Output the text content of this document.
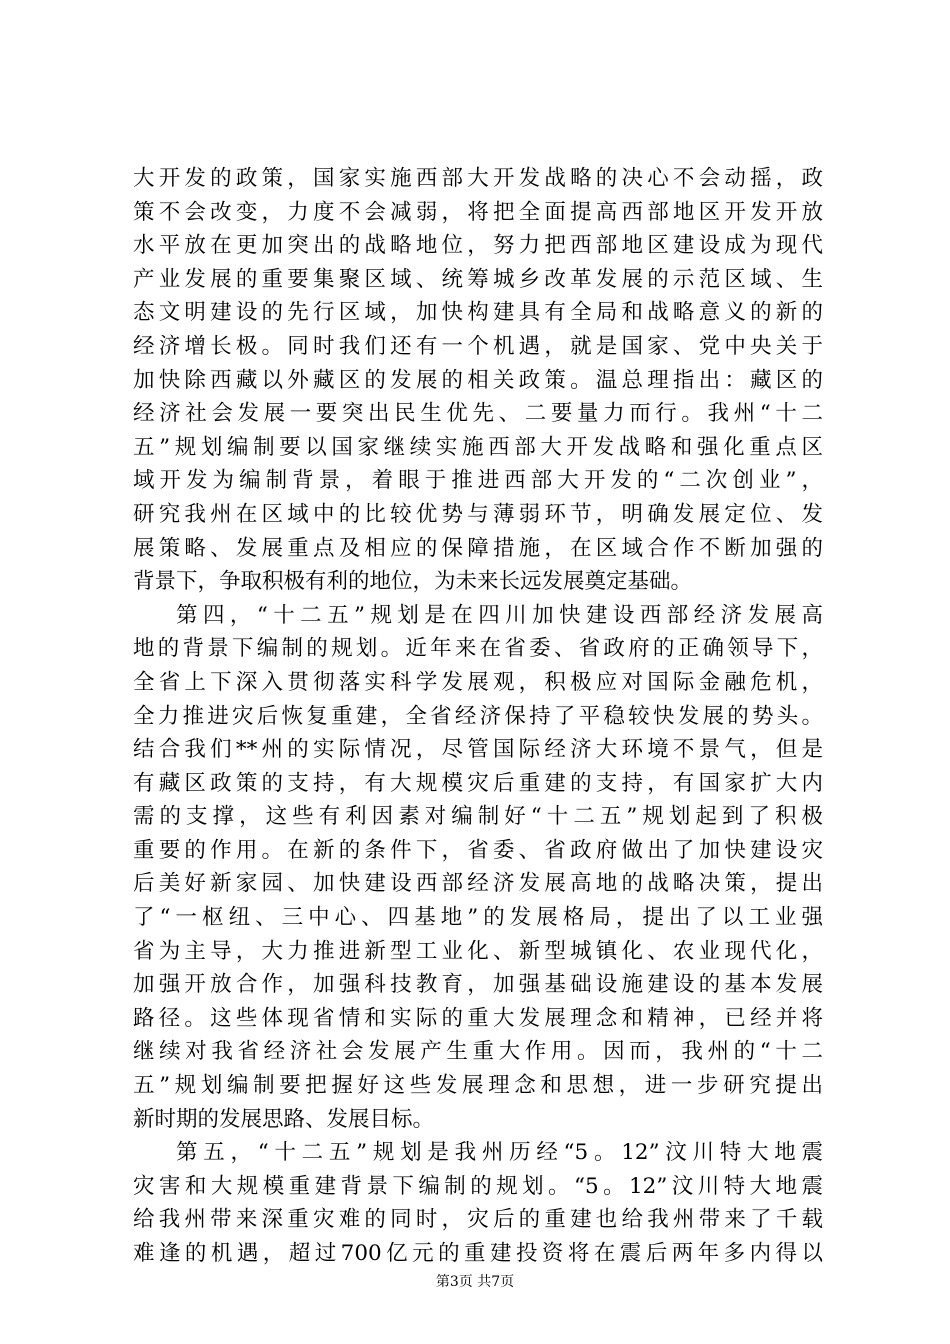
大开发的政策，国家实施西部大开发战略的决心不会动摇，政
策不会改变，力度不会减弱，将把全面提高西部地区开发开放
水平放在更加突出的战略地位，努力把西部地区建设成为现代
产业发展的重要集聚区域、统筹城乡改革发展的示范区域、生
态文明建设的先行区域，加快构建具有全局和战略意义的新的
经济增长极。同时我们还有一个机遇，就是国家、党中央关于
加快除西藏以外藏区的发展的相关政策。温总理指出：藏区的
经济社会发展一要突出民生优先、二要量力而行。我州“十二
五”规划编制要以国家继续实施西部大开发战略和强化重点区
域开发为编制背景，着眼于推进西部大开发的“二次创业”，
研究我州在区域中的比较优势与薄弱环节，明确发展定位、发
展策略、发展重点及相应的保障措施，在区域合作不断加强的
背景下，争取积极有利的地位，为未来长远发展奠定基础。
第四，“十二五”规划是在四川加快建设西部经济发展高
地的背景下编制的规划。近年来在省委、省政府的正确领导下，
全省上下深入贯彻落实科学发展观，积极应对国际金融危机，
全力推进灾后恢复重建，全省经济保持了平稳较快发展的势头。
结合我们**州的实际情况，尽管国际经济大环境不景气，但是
有藏区政策的支持，有大规模灾后重建的支持，有国家扩大内
需的支撑，这些有利因素对编制好“十二五”规划起到了积极
重要的作用。在新的条件下，省委、省政府做出了加快建设灾
后美好新家园、加快建设西部经济发展高地的战略决策，提出
了“一枢纽、三中心、四基地”的发展格局，提出了以工业强
省为主导，大力推进新型工业化、新型城镇化、农业现代化，
加强开放合作，加强科技教育，加强基础设施建设的基本发展
路径。这些体现省情和实际的重大发展理念和精神，已经并将
继续对我省经济社会发展产生重大作用。因而，我州的“十二
五”规划编制要把握好这些发展理念和思想，进一步研究提出
新时期的发展思路、发展目标。
第五，“十二五”规划是我州历经“5。12”汶川特大地震
灾害和大规模重建背景下编制的规划。“5。12”汶川特大地震
给我州带来深重灾难的同时，灾后的重建也给我州带来了千载
难逢的机遇，超过700亿元的重建投资将在震后两年多内得以
第3页 共7页
